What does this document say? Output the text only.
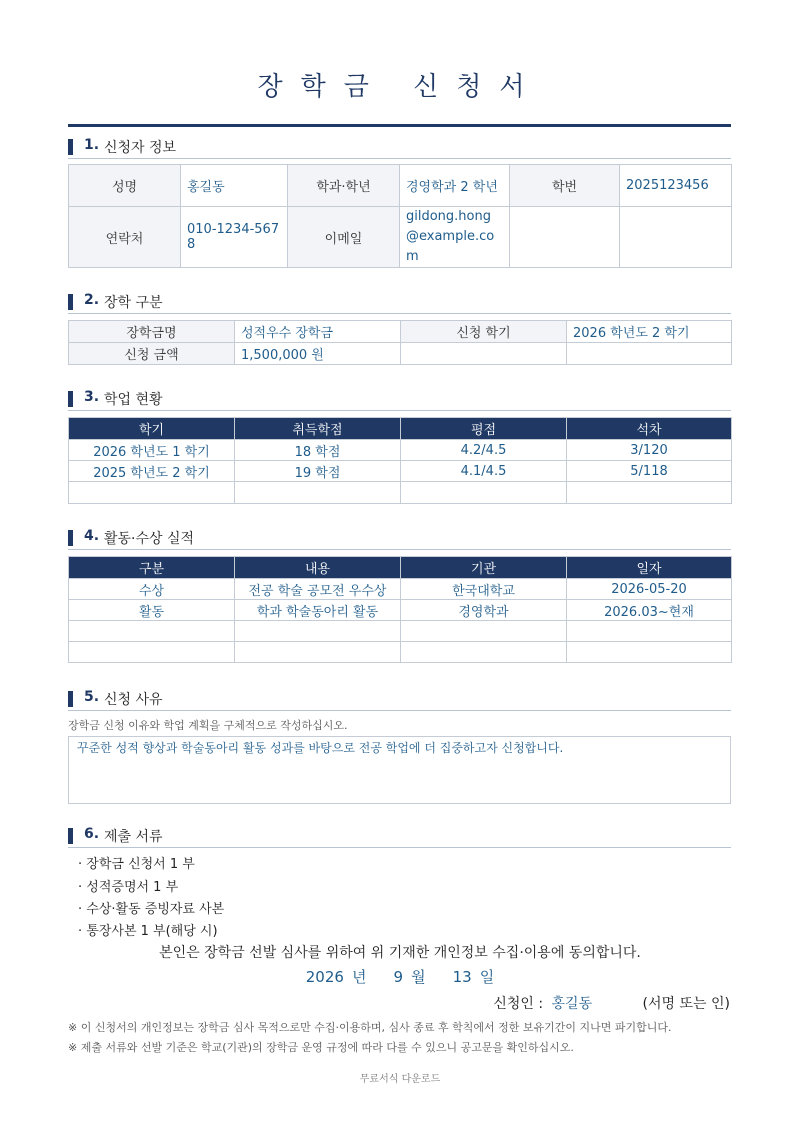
장학금 신청서
1. 신청자 정보
성명	홍길동	학과·학년	경영학과 2 학년	학번	2025123456
연락처	010-1234-5678	이메일	gildong.hong@example.com		
2. 장학 구분
장학금명	성적우수 장학금	신청 학기	2026 학년도 2 학기
신청 금액	1,500,000 원		
3. 학업 현황
학기	취득학점	평점	석차
2026 학년도 1 학기	18 학점	4.2/4.5	3/120
2025 학년도 2 학기	19 학점	4.1/4.5	5/118

4. 활동·수상 실적
구분	내용	기관	일자
수상	전공 학술 공모전 우수상	한국대학교	2026-05-20
활동	학과 학술동아리 활동	경영학과	2026.03~현재

5. 신청 사유
장학금 신청 이유와 학업 계획을 구체적으로 작성하십시오.
꾸준한 성적 향상과 학술동아리 활동 성과를 바탕으로 전공 학업에 더 집중하고자 신청합니다.
6. 제출 서류
· 장학금 신청서 1 부
· 성적증명서 1 부
· 수상·활동 증빙자료 사본
· 통장사본 1 부(해당 시)
본인은 장학금 선발 심사를 위하여 위 기재한 개인정보 수집·이용에 동의합니다.
2026 년 9 월 13 일
신청인 : 홍길동	(서명 또는 인)
※ 이 신청서의 개인정보는 장학금 심사 목적으로만 수집·이용하며, 심사 종료 후 학칙에서 정한 보유기간이 지나면 파기합니다.
※ 제출 서류와 선발 기준은 학교(기관)의 장학금 운영 규정에 따라 다를 수 있으니 공고문을 확인하십시오.
무료서식 다운로드
